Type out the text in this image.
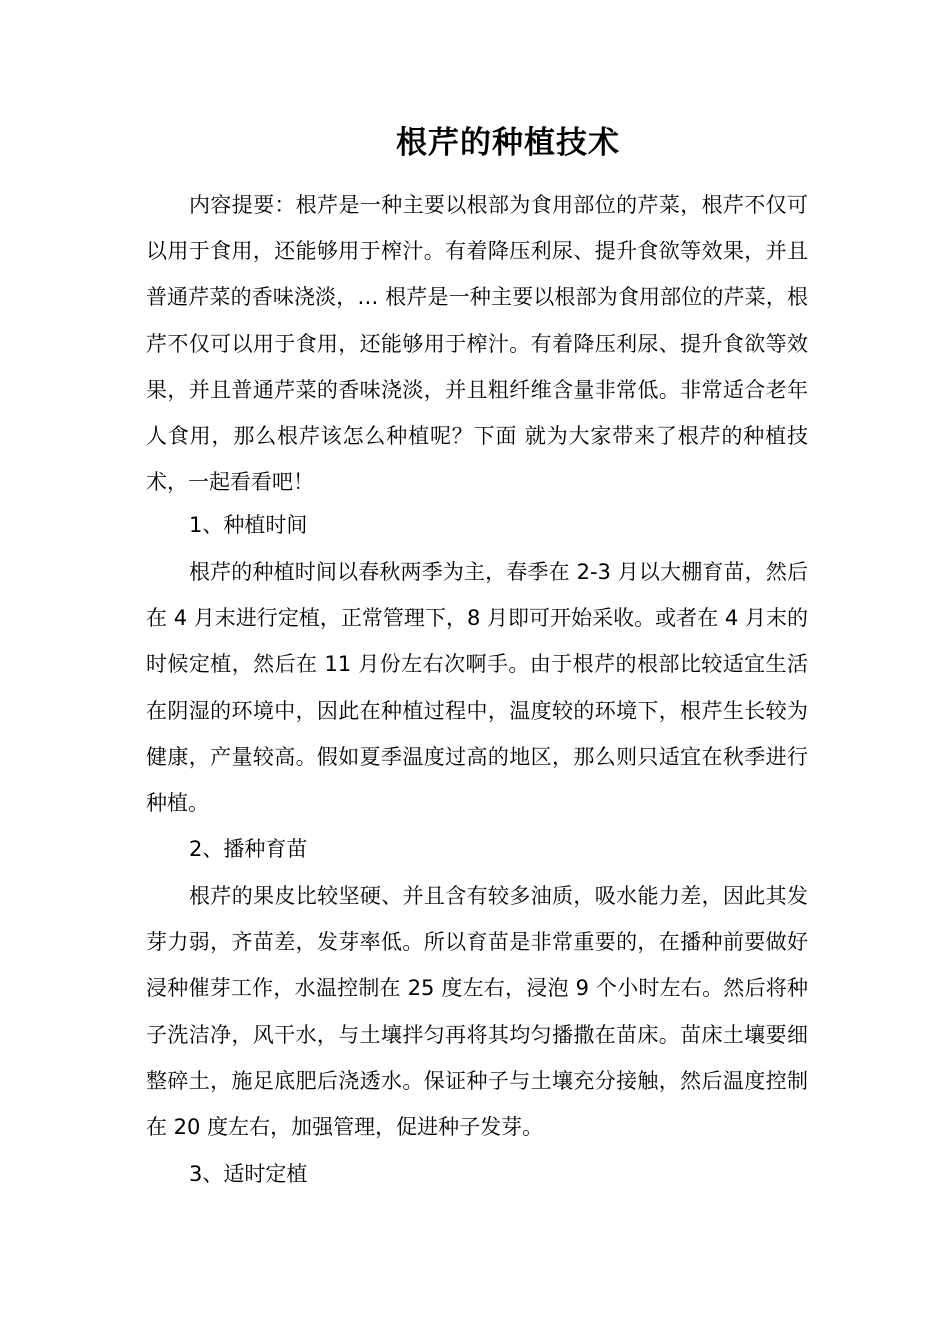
根芹的种植技术

内容提要：根芹是一种主要以根部为食用部位的芹菜，根芹不仅可以用于食用，还能够用于榨汁。有着降压利尿、提升食欲等效果，并且普通芹菜的香味浇淡，… 根芹是一种主要以根部为食用部位的芹菜，根芹不仅可以用于食用，还能够用于榨汁。有着降压利尿、提升食欲等效果，并且普通芹菜的香味浇淡，并且粗纤维含量非常低。非常适合老年人食用，那么根芹该怎么种植呢？下面 就为大家带来了根芹的种植技术，一起看看吧！

1、种植时间

根芹的种植时间以春秋两季为主，春季在 2-3 月以大棚育苗，然后在 4 月末进行定植，正常管理下，8 月即可开始采收。或者在 4 月末的时候定植，然后在 11 月份左右次啊手。由于根芹的根部比较适宜生活在阴湿的环境中，因此在种植过程中，温度较的环境下，根芹生长较为健康，产量较高。假如夏季温度过高的地区，那么则只适宜在秋季进行种植。

2、播种育苗

根芹的果皮比较坚硬、并且含有较多油质，吸水能力差，因此其发芽力弱，齐苗差，发芽率低。所以育苗是非常重要的，在播种前要做好浸种催芽工作，水温控制在 25 度左右，浸泡 9 个小时左右。然后将种子洗洁净，风干水，与土壤拌匀再将其均匀播撒在苗床。苗床土壤要细整碎土，施足底肥后浇透水。保证种子与土壤充分接触，然后温度控制在 20 度左右，加强管理，促进种子发芽。

3、适时定植
